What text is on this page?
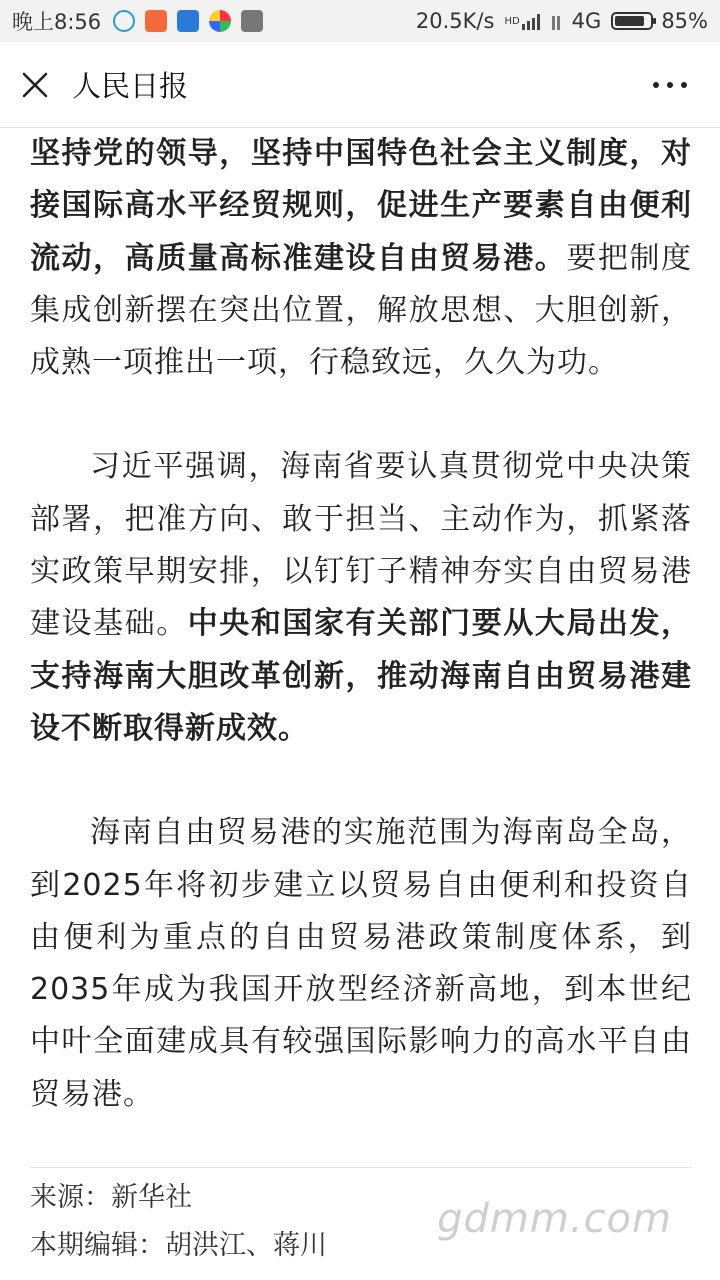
晚上8:56	20.5K/s HD 4G	85%
人民日报

坚持党的领导，坚持中国特色社会主义制度，对接国际高水平经贸规则，促进生产要素自由便利流动，高质量高标准建设自由贸易港。要把制度集成创新摆在突出位置，解放思想、大胆创新，成熟一项推出一项，行稳致远，久久为功。

习近平强调，海南省要认真贯彻党中央决策部署，把准方向、敢于担当、主动作为，抓紧落实政策早期安排，以钉钉子精神夯实自由贸易港建设基础。中央和国家有关部门要从大局出发，支持海南大胆改革创新，推动海南自由贸易港建设不断取得新成效。

海南自由贸易港的实施范围为海南岛全岛，到2025年将初步建立以贸易自由便利和投资自由便利为重点的自由贸易港政策制度体系，到2035年成为我国开放型经济新高地，到本世纪中叶全面建成具有较强国际影响力的高水平自由贸易港。

来源：新华社

本期编辑：胡洪江、蒋川

gdmm.com
